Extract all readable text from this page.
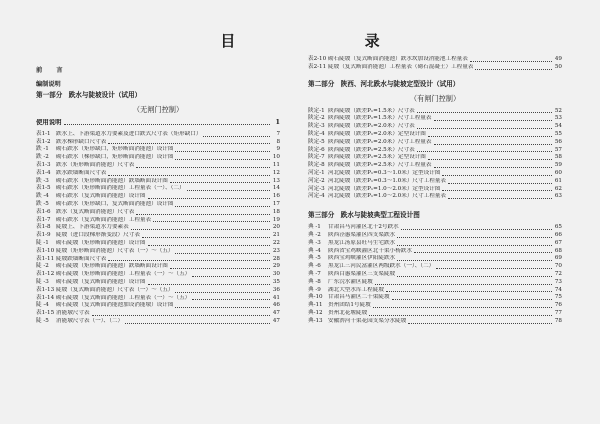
目 录
前 言
编制说明
第一部分 跌水与陡坡设计（试用）
（无闸门控制）
使用说明	1
表1-1 跌水上、下游渠道水力要素及进口跌式尺寸表（矩形缺口）	7
表1-2 跌水梯形缺口尺寸表	8
跌 -1	砌石跌水（矩形缺口，矩形断面消能池）设计图	9
跌 -2	砌石跌水（梯形缺口，矩形断面消能池）设计图	10
表1-3 跌水（矩形断面消能池）尺寸表	11
表1-4 跌水跌墙断面尺寸表	12
跌 -3	砌石跌水（矩形断面消能池）跌墙断面设计图	13
表1-5 砌石跌水（矩形断面消能池）工程量表（一）、（二）	14
跌 -4	砌石跌水（复式断面消能池）设计图	16
跌 -5	砌石跌水（矩形缺口，复式断面消能池）设计图	17
表1-6 跌水（复式断面消能池）尺寸表	18
表1-7 砌石跌水（复式断面消能池）工程量表	19
表1-8 陡坡上、下游渠道水力要素表	20
表1-9 陡坡（进口段梯形渐变段）尺寸表	21
陡 -1	砌石陡坡（矩形断面消能池）设计图	22
表1-10 陡坡（矩形断面消能池）尺寸表（一）～（五）	23
表1-11 陡坡跌墙断面尺寸表	28
陡 -2	砌石陡坡（矩形断面消能池）跌墙断面设计图	29
表1-12 砌石陡坡（矩形断面消能池）工程量表（一）～（五）	30
陡 -3	砌石陡坡（复式断面消能池）设计图	35
表1-13 陡坡（复式断面消能池）尺寸表（一）～（五）	36
表1-14 砌石陡坡（复式断面消能池）工程量表（一）～（五）	41
陡 -4	砌石陡坡（复式断面消能池加设消能墩）设计图	46
表1-15 消能墩尺寸表	47
陡 -5	消能墩尺寸表（一）、（二）	47
表2-10 砌石陡坡（复式断面消能池）跌水坎加设消能池工程量表	49
表2-11 陡坡（复式断面消能池）工程量表（砌石混凝土）工程量表	50
第二部分 陕西、河北跌水与陡坡定型设计（试用）
（有闸门控制）
陕定-1 陕西陡坡（跌差P₁=1.5米）尺寸表	52
陕定-2 陕西陡坡（跌差P₁=1.5米）尺寸工程量表	53
陕定-3 陕西陡坡（跌差P₁=2.0米）尺寸表	54
陕定-4 陕西陡坡（跌差P₁=2.0米）定型设计图	55
陕定-5 陕西陡坡（跌差P₁=2.0米）尺寸工程量表	56
陕定-6 陕西陡坡（跌差P₁=2.5米）尺寸表	57
陕定-7 陕西陡坡（跌差P₁=2.5米）定型设计图	58
陕定-8 陕西陡坡（跌差P₁=2.5米）尺寸工程量表	59
河定-1 河北陡坡（跌差P₁=0.3～1.0米）定型设计图	60
河定-2 河北陡坡（跌差P₁=0.3～1.0米）尺寸工程量表	61
河定-3 河北陡坡（跌差P₁=1.0～2.0米）定型设计图	62
河定-4 河北陡坡（跌差P₁=1.0～2.0米）尺寸工程量表	63
第三部分 跌水与陡坡典型工程设计图
典 -1	甘肃昌马河灌区北干2号跌水	65
典 -2	陕西泾惠渠灌区四支渠跌水	66
典 -3	黑龙江汤原县旺马生宅跌水	67
典 -4	陕西省宝鸡峡灌区北干渠小杨跌水	68
典 -5	陕西宝鸡峡灌区伊阳陡跌水	69
典 -6	黑龙江三河民富灌区两级跌水（一）、（二）	70
典 -7	陕西白惠渠灌区三支渠陡坡	72
典 -8	广东浣水灌区陡坡	73
典 -9	湖北大型水库工程陡坡	74
典-10 甘肃昌马灌区二干渠陡坡	75
典-11 贵州团结1号陡坡	76
典-12 贵州北花堰陡坡	77
典-13 安徽淠河干渠花园支渠分水陡坡	78
